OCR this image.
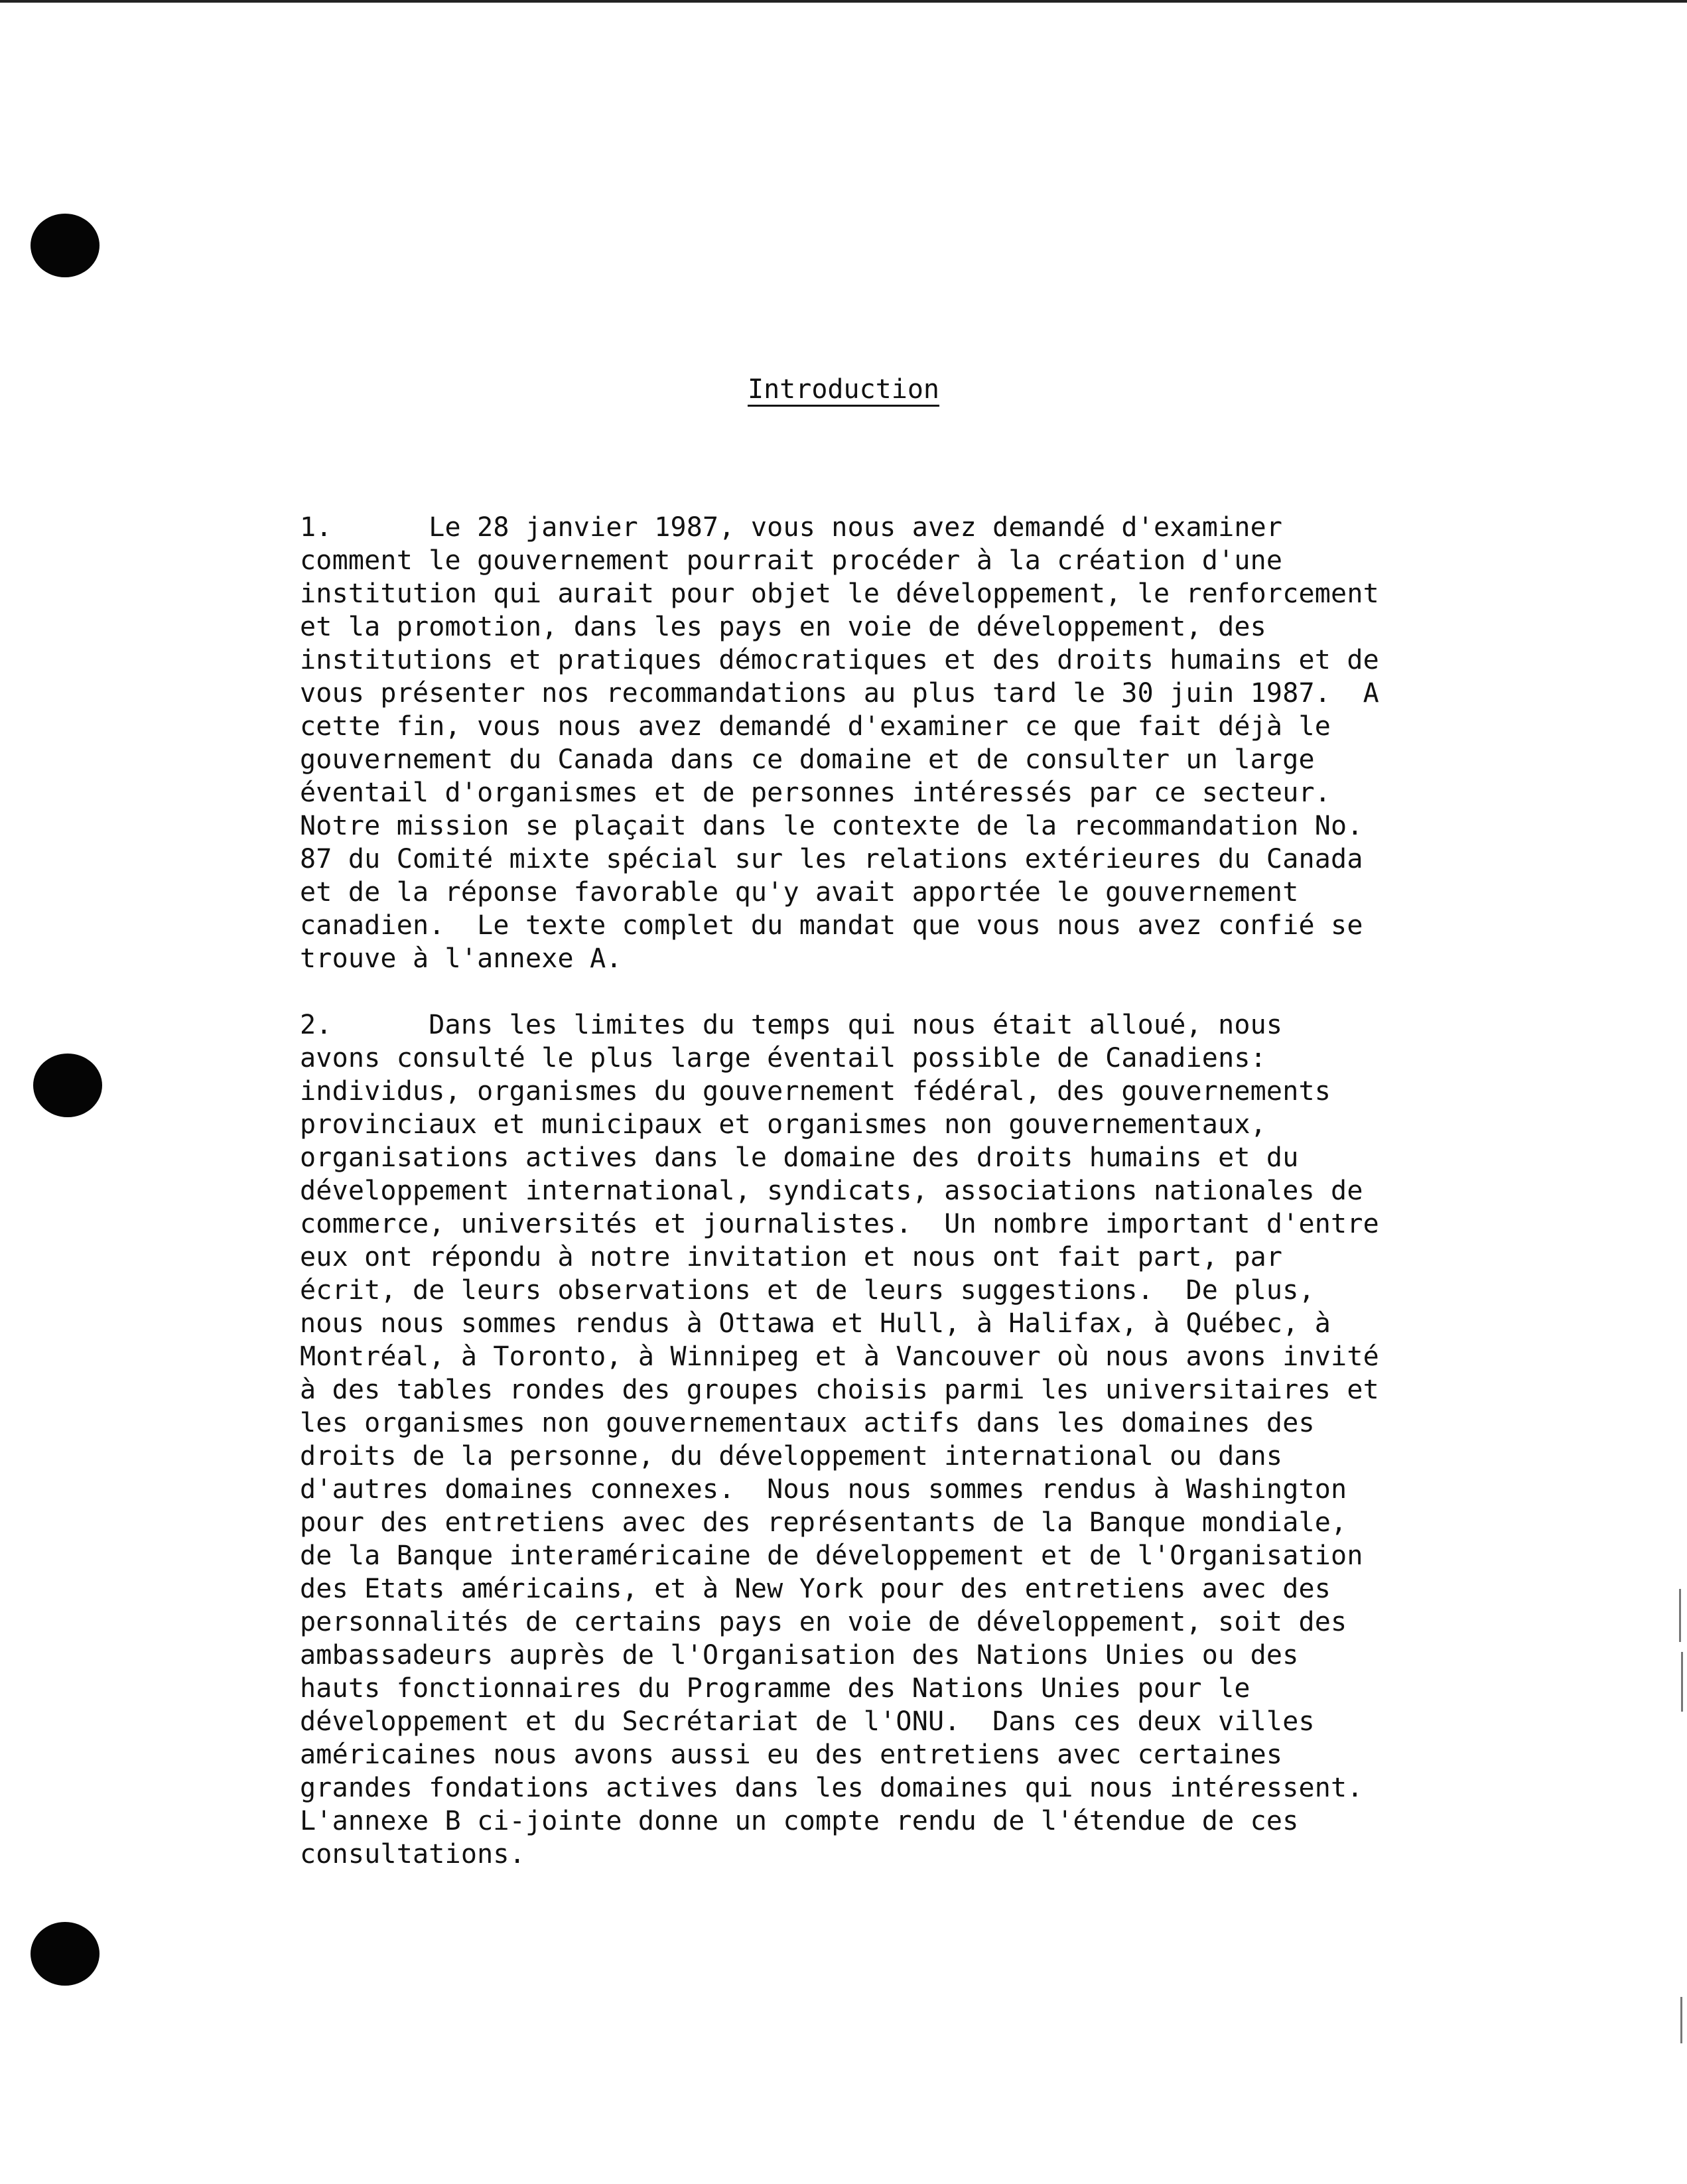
Introduction
1.      Le 28 janvier 1987, vous nous avez demandé d'examiner
comment le gouvernement pourrait procéder à la création d'une
institution qui aurait pour objet le développement, le renforcement
et la promotion, dans les pays en voie de développement, des
institutions et pratiques démocratiques et des droits humains et de
vous présenter nos recommandations au plus tard le 30 juin 1987.  A
cette fin, vous nous avez demandé d'examiner ce que fait déjà le
gouvernement du Canada dans ce domaine et de consulter un large
éventail d'organismes et de personnes intéressés par ce secteur.
Notre mission se plaçait dans le contexte de la recommandation No.
87 du Comité mixte spécial sur les relations extérieures du Canada
et de la réponse favorable qu'y avait apportée le gouvernement
canadien.  Le texte complet du mandat que vous nous avez confié se
trouve à l'annexe A.
2.      Dans les limites du temps qui nous était alloué, nous
avons consulté le plus large éventail possible de Canadiens:
individus, organismes du gouvernement fédéral, des gouvernements
provinciaux et municipaux et organismes non gouvernementaux,
organisations actives dans le domaine des droits humains et du
développement international, syndicats, associations nationales de
commerce, universités et journalistes.  Un nombre important d'entre
eux ont répondu à notre invitation et nous ont fait part, par
écrit, de leurs observations et de leurs suggestions.  De plus,
nous nous sommes rendus à Ottawa et Hull, à Halifax, à Québec, à
Montréal, à Toronto, à Winnipeg et à Vancouver où nous avons invité
à des tables rondes des groupes choisis parmi les universitaires et
les organismes non gouvernementaux actifs dans les domaines des
droits de la personne, du développement international ou dans
d'autres domaines connexes.  Nous nous sommes rendus à Washington
pour des entretiens avec des représentants de la Banque mondiale,
de la Banque interaméricaine de développement et de l'Organisation
des Etats américains, et à New York pour des entretiens avec des
personnalités de certains pays en voie de développement, soit des
ambassadeurs auprès de l'Organisation des Nations Unies ou des
hauts fonctionnaires du Programme des Nations Unies pour le
développement et du Secrétariat de l'ONU.  Dans ces deux villes
américaines nous avons aussi eu des entretiens avec certaines
grandes fondations actives dans les domaines qui nous intéressent.
L'annexe B ci-jointe donne un compte rendu de l'étendue de ces
consultations.
